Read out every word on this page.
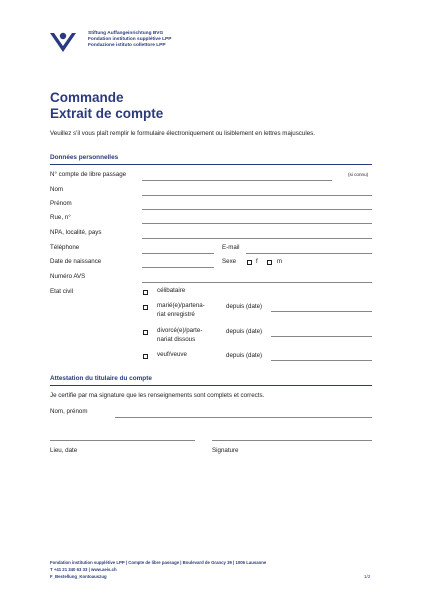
Stiftung Auffangeinrichtung BVG
Fondation institution supplétive LPP
Fondazione istituto collettore LPP
Commande
Extrait de compte
Veuillez s'il vous plaît remplir le formulaire électroniquement ou lisiblement en lettres majuscules.
Données personnelles
N° compte de libre passage	(si connu)
Nom
Prénom
Rue, n°
NPA, localité, pays
Téléphone	E-mail
Date de naissance	Sexe	f	m
Numéro AVS
Etat civil	célibataire
marié(e)/partena-
riat enregistré
depuis (date)
divorcé(e)/parte-
nariat dissous
depuis (date)
veuf/veuve	depuis (date)
Attestation du titulaire du compte
Je certifie par ma signature que les renseignements sont complets et corrects.
Nom, prénom
Lieu, date	Signature
Fondation institution supplétive LPP | Compte de libre passage | Boulevard de Grancy 39 | 1006 Lausanne
T +41 21 340 63 33 | www.aeis.ch
F_Bestellung_Kontoauszug	1/2
